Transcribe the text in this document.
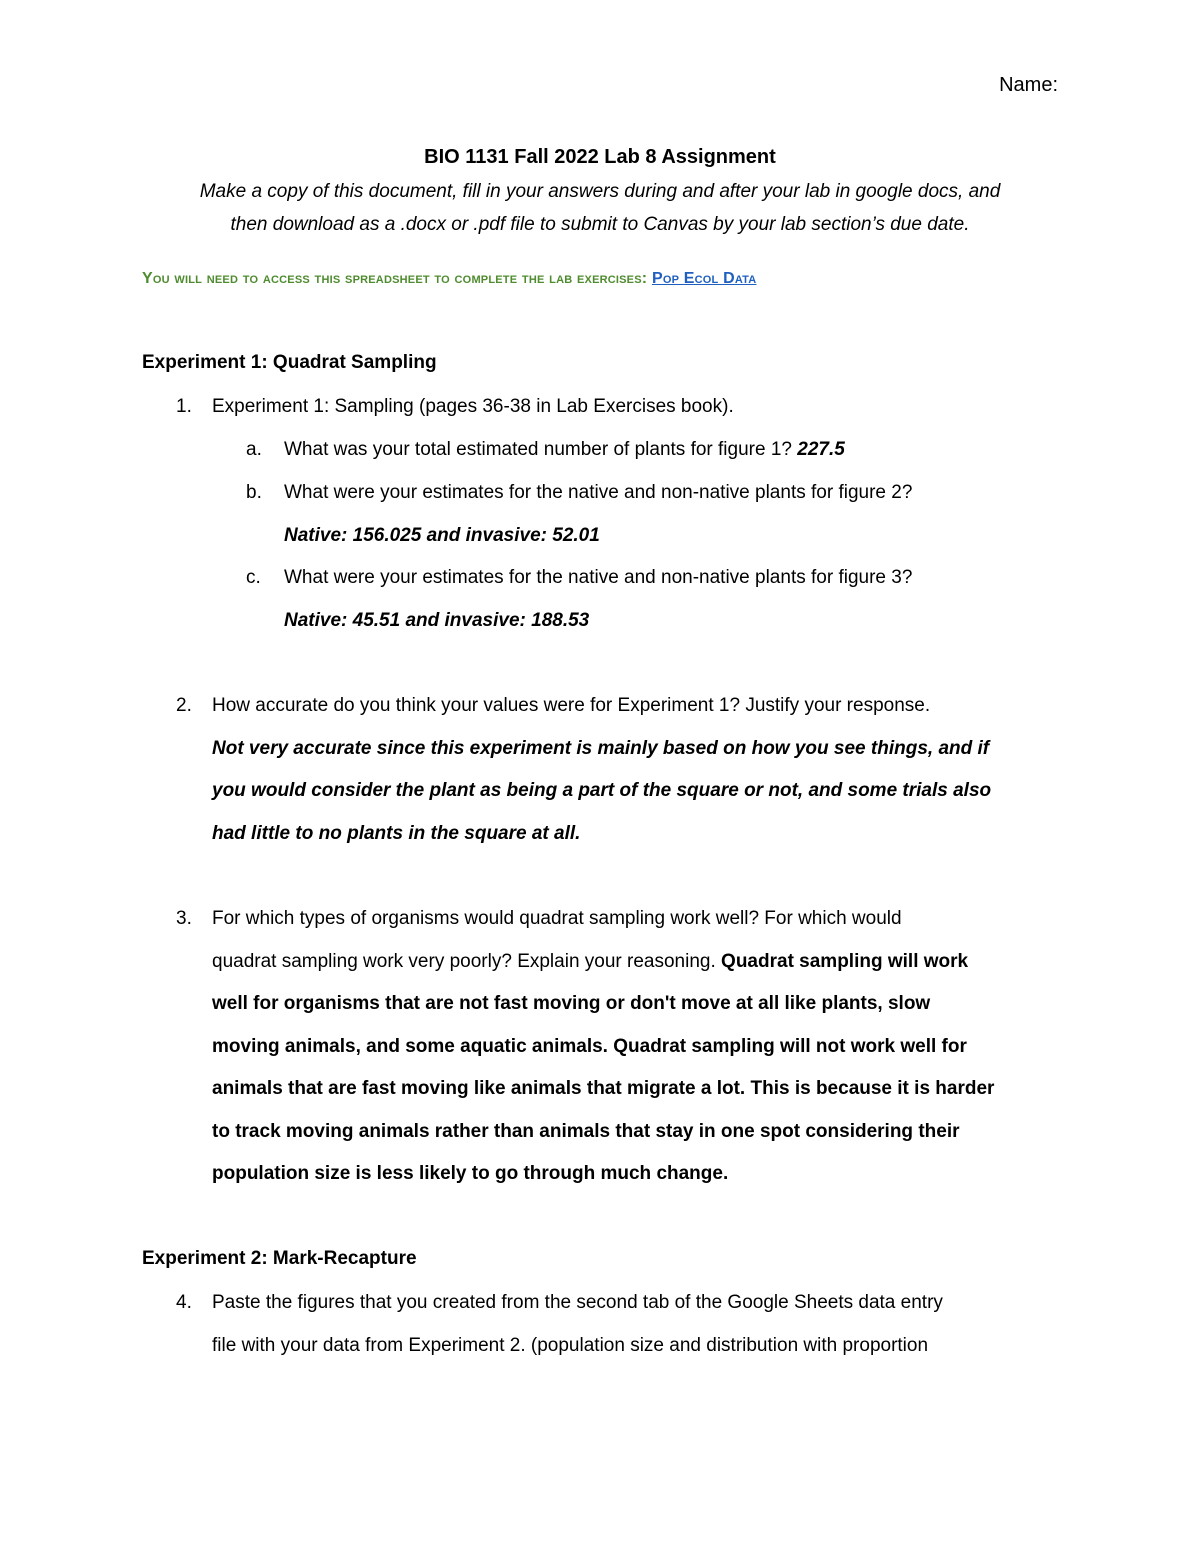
Name:
BIO 1131 Fall 2022 Lab 8 Assignment
Make a copy of this document, fill in your answers during and after your lab in google docs, and
then download as a .docx or .pdf file to submit to Canvas by your lab section’s due date.
You will need to access this spreadsheet to complete the lab exercises: Pop Ecol Data
Experiment 1: Quadrat Sampling
1. Experiment 1: Sampling (pages 36-38 in Lab Exercises book).
a. What was your total estimated number of plants for figure 1? 227.5
b. What were your estimates for the native and non-native plants for figure 2?
Native: 156.025 and invasive: 52.01
c. What were your estimates for the native and non-native plants for figure 3?
Native: 45.51 and invasive: 188.53
2. How accurate do you think your values were for Experiment 1? Justify your response.
Not very accurate since this experiment is mainly based on how you see things, and if
you would consider the plant as being a part of the square or not, and some trials also
had little to no plants in the square at all.
3. For which types of organisms would quadrat sampling work well? For which would
quadrat sampling work very poorly? Explain your reasoning. Quadrat sampling will work
well for organisms that are not fast moving or don't move at all like plants, slow
moving animals, and some aquatic animals. Quadrat sampling will not work well for
animals that are fast moving like animals that migrate a lot. This is because it is harder
to track moving animals rather than animals that stay in one spot considering their
population size is less likely to go through much change.
Experiment 2: Mark-Recapture
4. Paste the figures that you created from the second tab of the Google Sheets data entry
file with your data from Experiment 2. (population size and distribution with proportion
